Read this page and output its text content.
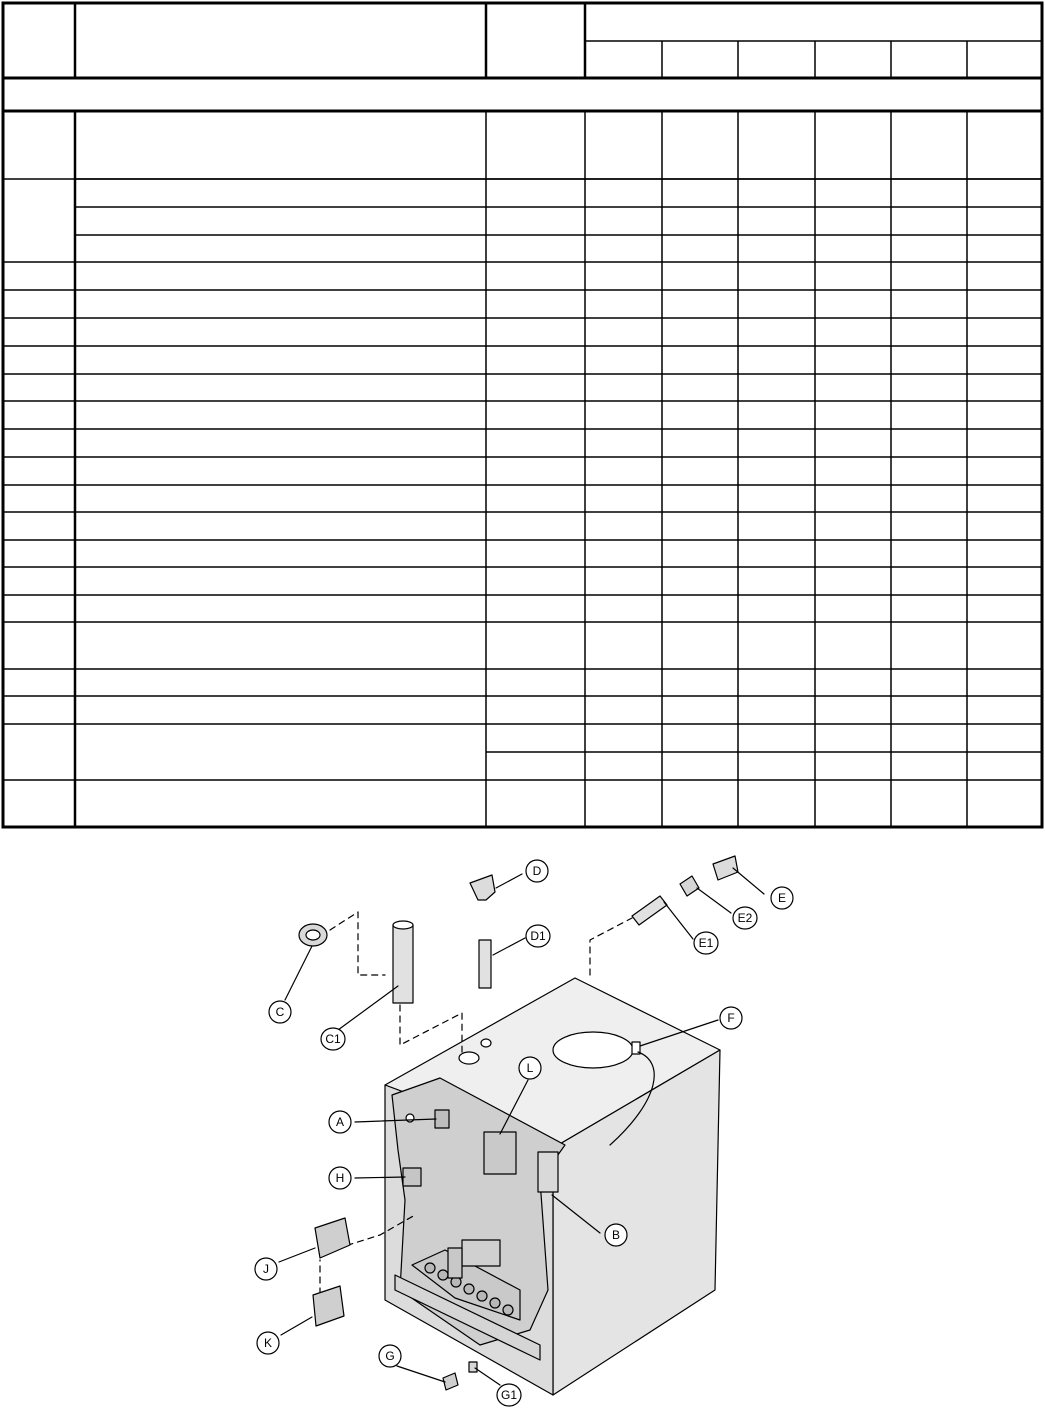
D
E
E2
D1	E1
C
C1
F
L
A
H
B
J
K
G
G1
